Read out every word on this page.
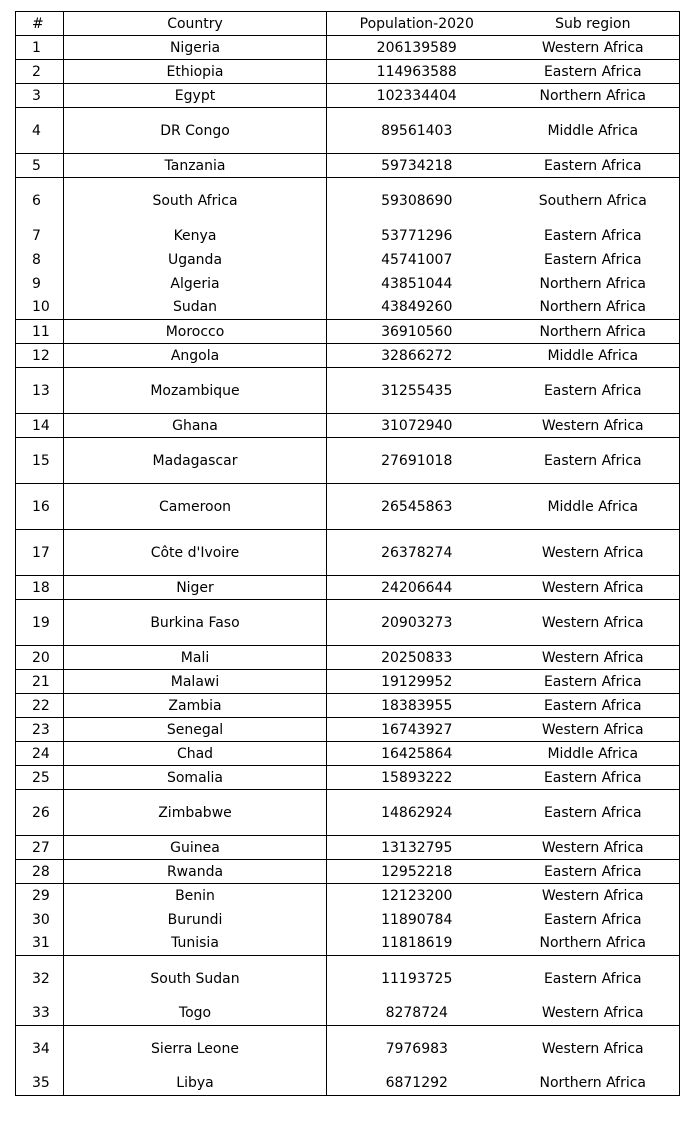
#	Country	Population-2020	Sub region
1	Nigeria	206139589	Western Africa
2	Ethiopia	114963588	Eastern Africa
3	Egypt	102334404	Northern Africa
4	DR Congo	89561403	Middle Africa
5	Tanzania	59734218	Eastern Africa
6	South Africa	59308690	Southern Africa
7	Kenya	53771296	Eastern Africa
8	Uganda	45741007	Eastern Africa
9	Algeria	43851044	Northern Africa
10	Sudan	43849260	Northern Africa
11	Morocco	36910560	Northern Africa
12	Angola	32866272	Middle Africa
13	Mozambique	31255435	Eastern Africa
14	Ghana	31072940	Western Africa
15	Madagascar	27691018	Eastern Africa
16	Cameroon	26545863	Middle Africa
17	Côte d'Ivoire	26378274	Western Africa
18	Niger	24206644	Western Africa
19	Burkina Faso	20903273	Western Africa
20	Mali	20250833	Western Africa
21	Malawi	19129952	Eastern Africa
22	Zambia	18383955	Eastern Africa
23	Senegal	16743927	Western Africa
24	Chad	16425864	Middle Africa
25	Somalia	15893222	Eastern Africa
26	Zimbabwe	14862924	Eastern Africa
27	Guinea	13132795	Western Africa
28	Rwanda	12952218	Eastern Africa
29	Benin	12123200	Western Africa
30	Burundi	11890784	Eastern Africa
31	Tunisia	11818619	Northern Africa
32	South Sudan	11193725	Eastern Africa
33	Togo	8278724	Western Africa
34	Sierra Leone	7976983	Western Africa
35	Libya	6871292	Northern Africa
